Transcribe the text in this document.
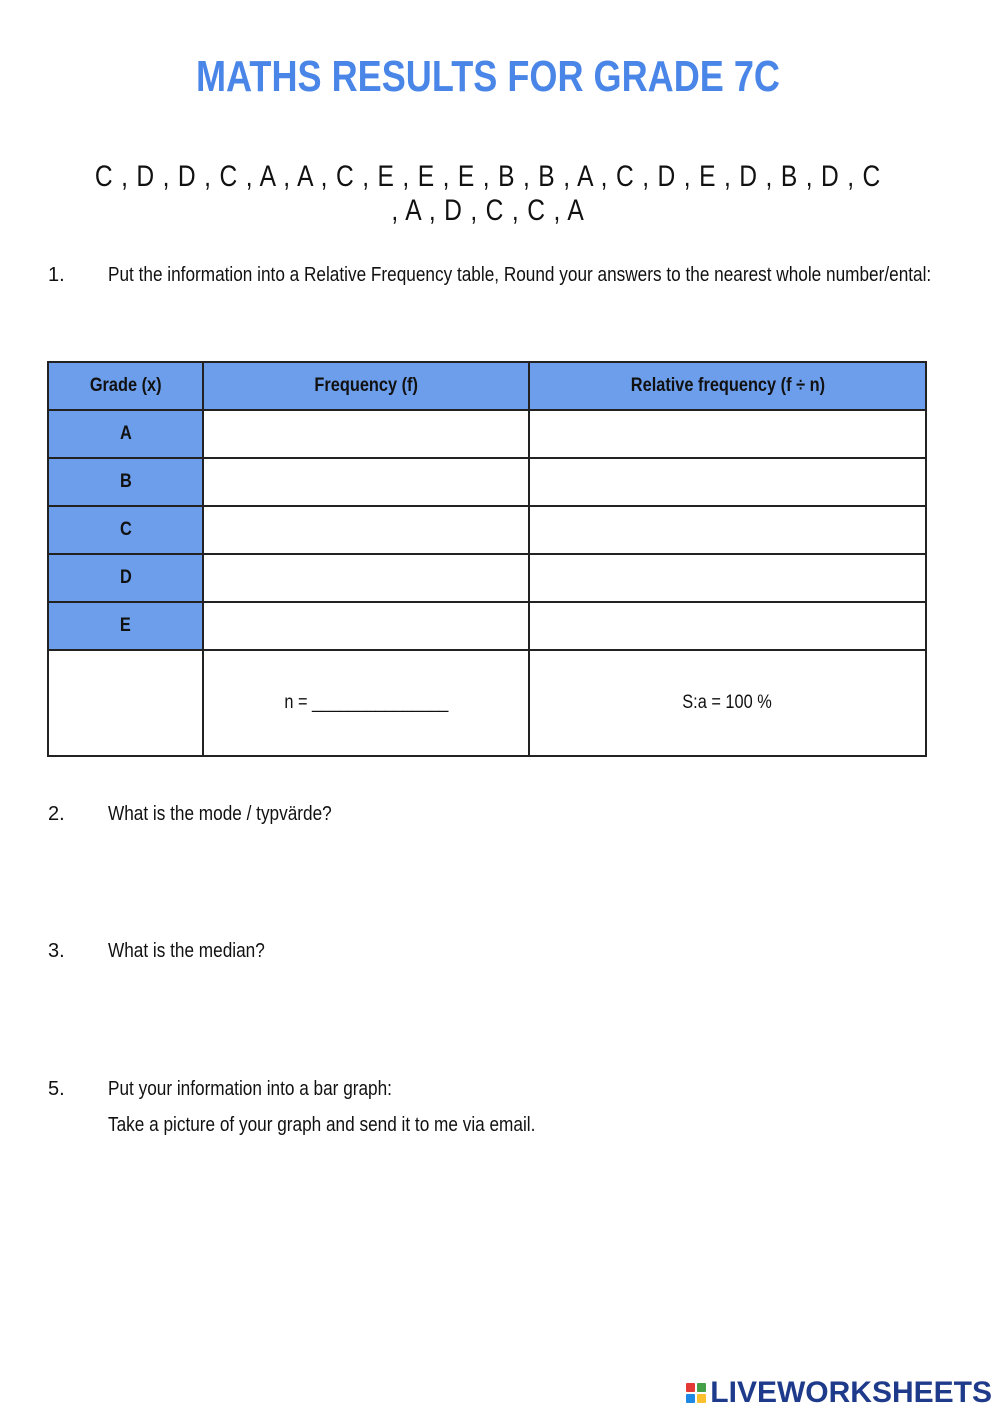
MATHS RESULTS FOR GRADE 7C
C , D , D , C , A , A , C , E , E , E , B , B , A , C , D , E , D , B , D , C , A , D , C , C , A
1. Put the information into a Relative Frequency table, Round your answers to the nearest whole number/ental:
Grade (x)	Frequency (f)	Relative frequency (f ÷ n)
A		
B		
C		
D		
E		
	n = _______________	S:a = 100 %
2. What is the mode / typvärde?
3. What is the median?
5. Put your information into a bar graph:
Take a picture of your graph and send it to me via email.
LIVEWORKSHEETS
